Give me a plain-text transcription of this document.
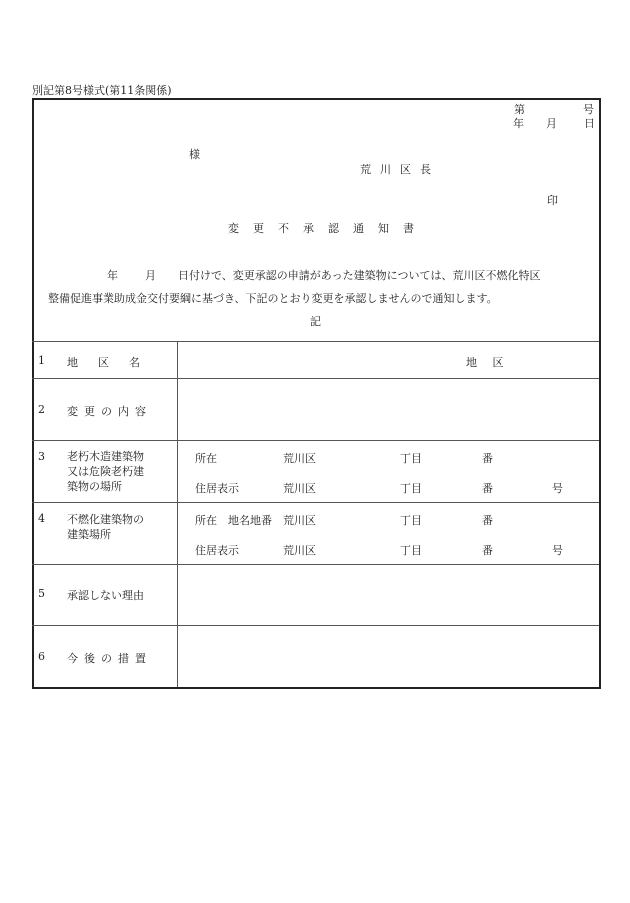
別記第8号様式(第11条関係)
第	号
年 月 日
様
荒川区長
印
変更不承認通知書
年 月 日付けで、変更承認の申請があった建築物については、荒川区不燃化特区
整備促進事業助成金交付要綱に基づき、下記のとおり変更を承認しませんので通知します。
記
1 地区名	地 区
2 変更の内容
3 老朽木造建築物
又は危険老朽建
築物の場所
所在	荒川区	丁目	番
住居表示	荒川区	丁目	番	号
4 不燃化建築物の
建築場所
所在　地名地番 荒川区	丁目	番
住居表示	荒川区	丁目	番	号
5 承認しない理由
6 今後の措置
